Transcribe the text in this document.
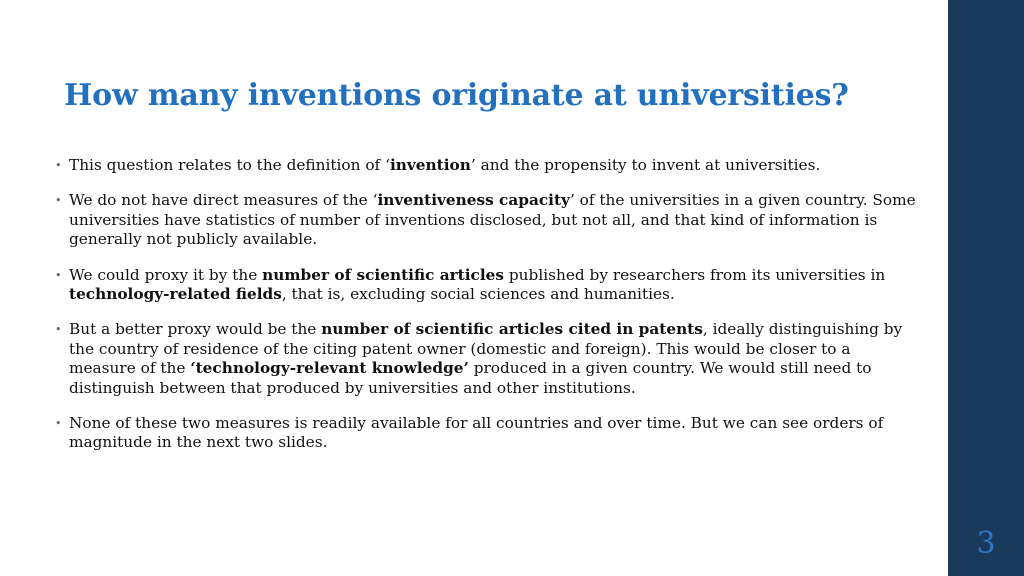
How many inventions originate at universities?
• This question relates to the definition of ‘invention’ and the propensity to invent at universities.
• We do not have direct measures of the ‘inventiveness capacity’ of the universities in a given country. Some universities have statistics of number of inventions disclosed, but not all, and that kind of information is generally not publicly available.
• We could proxy it by the number of scientific articles published by researchers from its universities in technology-related fields, that is, excluding social sciences and humanities.
• But a better proxy would be the number of scientific articles cited in patents, ideally distinguishing by the country of residence of the citing patent owner (domestic and foreign). This would be closer to a measure of the ‘technology-relevant knowledge’ produced in a given country. We would still need to distinguish between that produced by universities and other institutions.
• None of these two measures is readily available for all countries and over time. But we can see orders of magnitude in the next two slides.
3
